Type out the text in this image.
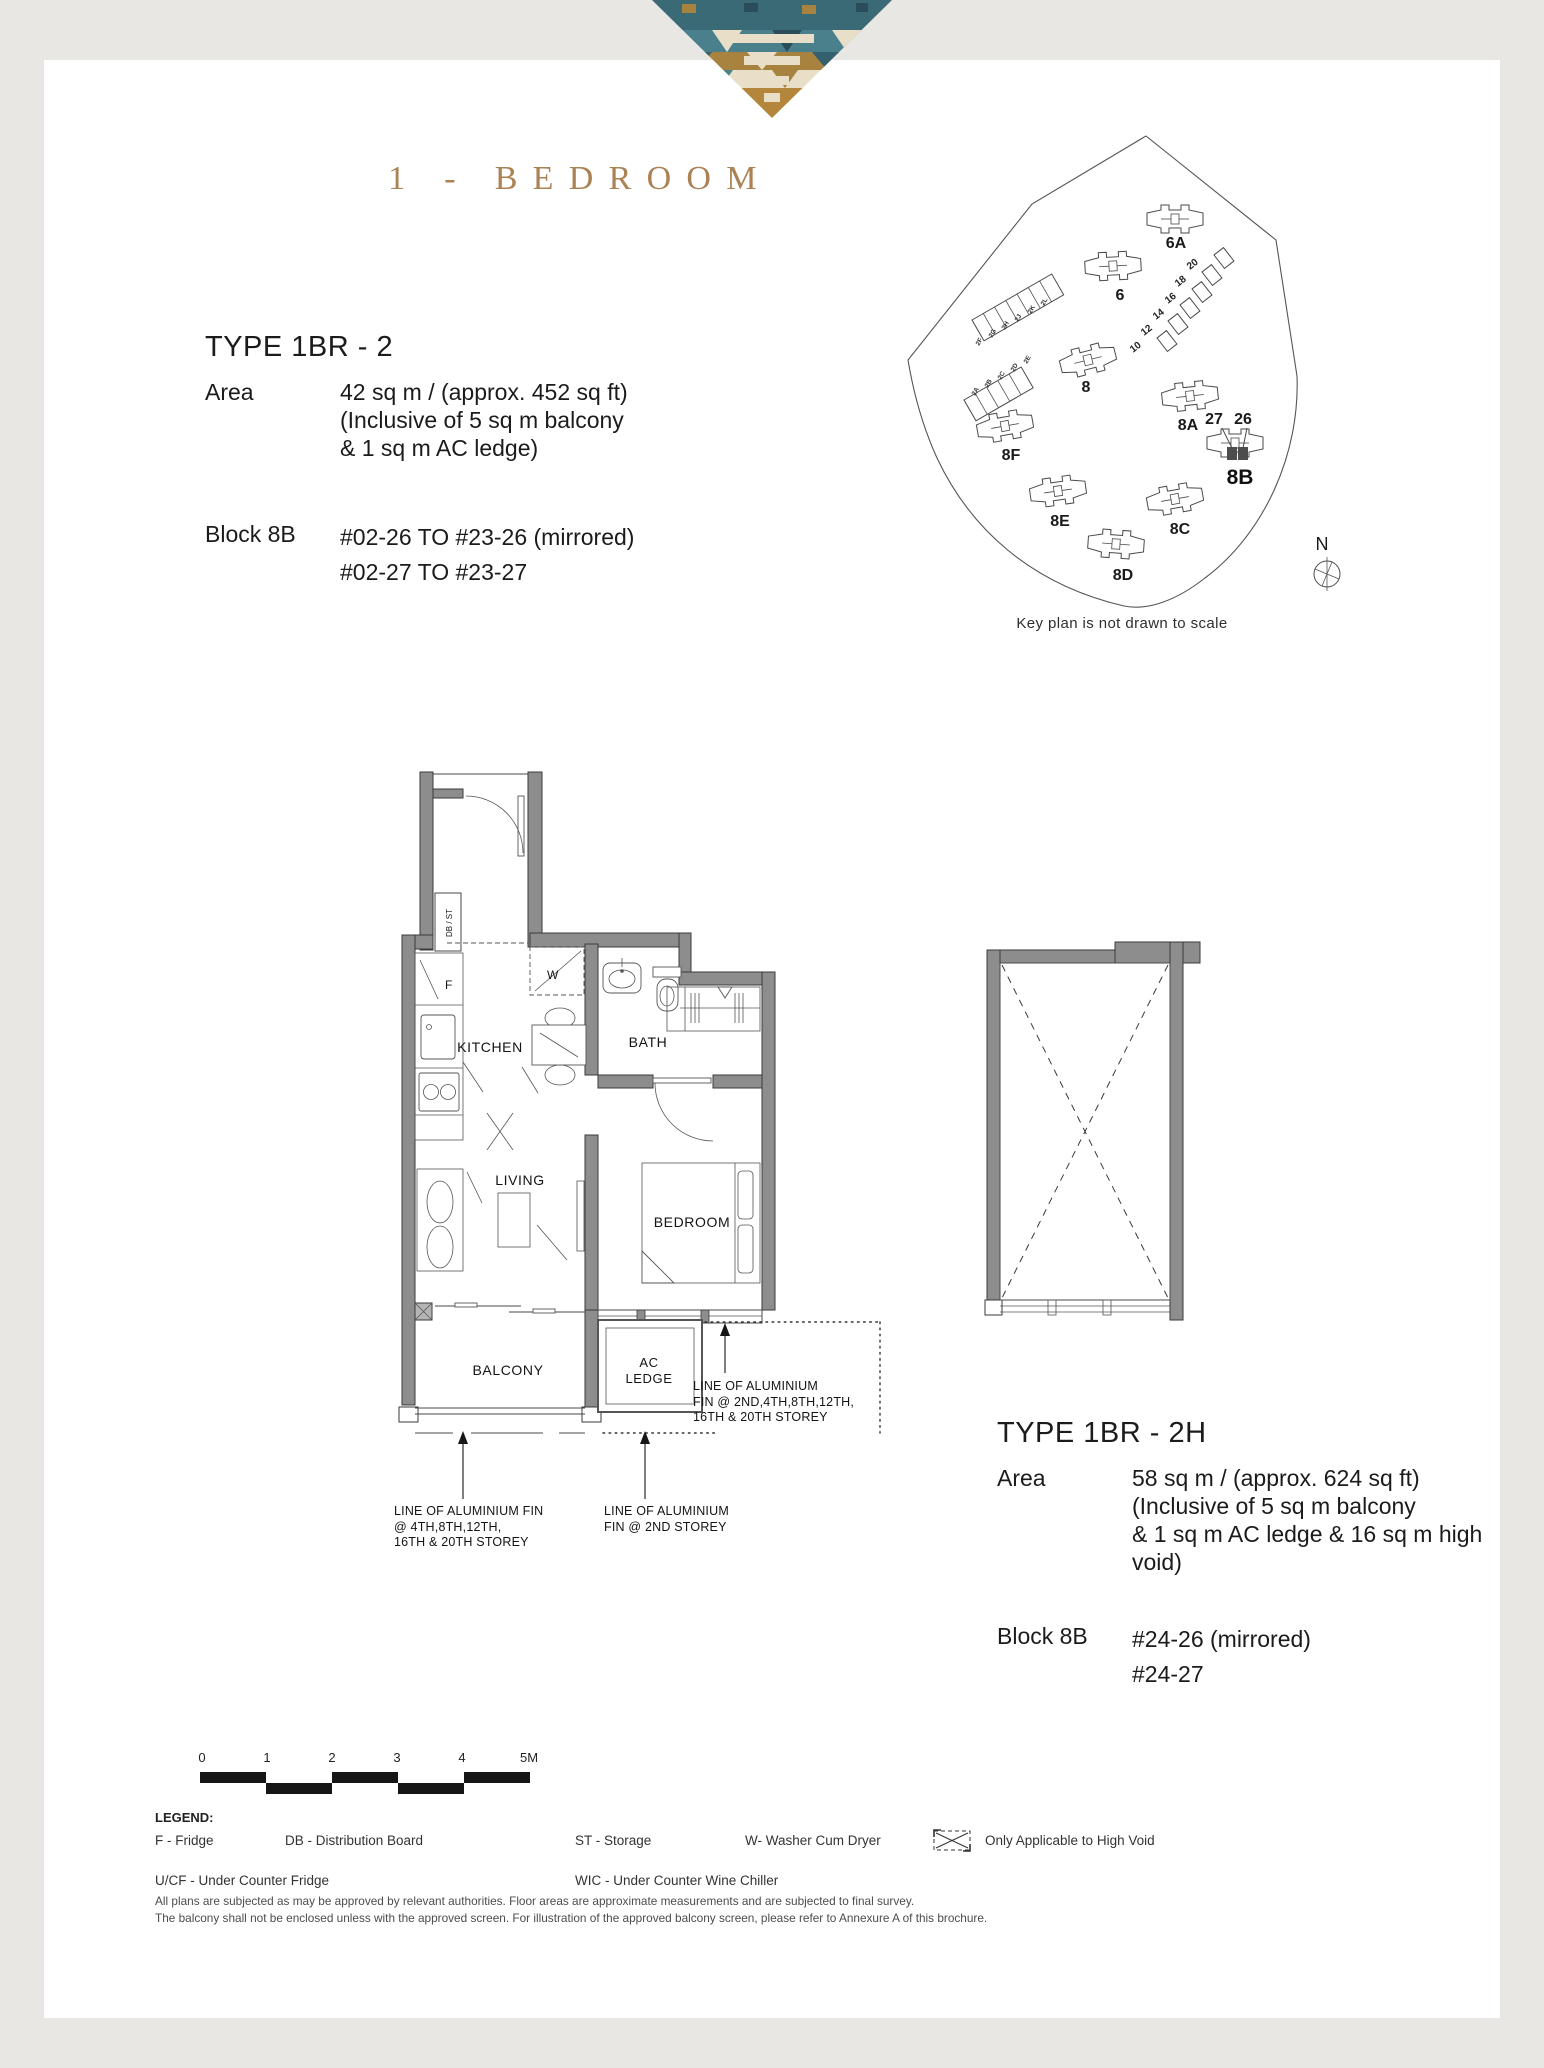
1 - BEDROOM
2L
2K
2J
2H
2G
2F
2E
2D
2C
2B
2A
20
18
16
14
12
10
27 26
6A
6
8
8A
8F
8B
8E	8C
8D
N
Key plan is not drawn to scale
TYPE 1BR - 2
Area	42 sq m / (approx. 452 sq ft)
(Inclusive of 5 sq m balcony
& 1 sq m AC ledge)
Block 8B	#02-26 TO #23-26 (mirrored)
#02-27 TO #23-27
DB / ST
F
W
KITCHEN	BATH
LIVING
BEDROOM
BALCONY	AC
LEDGE LINE OF ALUMINIUM
FIN @ 2ND,4TH,8TH,12TH,
16TH & 20TH STOREY
LINE OF ALUMINIUM FIN
@ 4TH,8TH,12TH,
16TH & 20TH STOREY
LINE OF ALUMINIUM
FIN @ 2ND STOREY
TYPE 1BR - 2H
Area	58 sq m / (approx. 624 sq ft)
(Inclusive of 5 sq m balcony
& 1 sq m AC ledge & 16 sq m high
void)
Block 8B	#24-26 (mirrored)
#24-27
0	1	2	3	4	5M
LEGEND:
F - Fridge	DB - Distribution Board	ST - Storage	W- Washer Cum Dryer	Only Applicable to High Void
U/CF - Under Counter Fridge	WIC - Under Counter Wine Chiller
All plans are subjected as may be approved by relevant authorities. Floor areas are approximate measurements and are subjected to final survey.
The balcony shall not be enclosed unless with the approved screen. For illustration of the approved balcony screen, please refer to Annexure A of this brochure.
